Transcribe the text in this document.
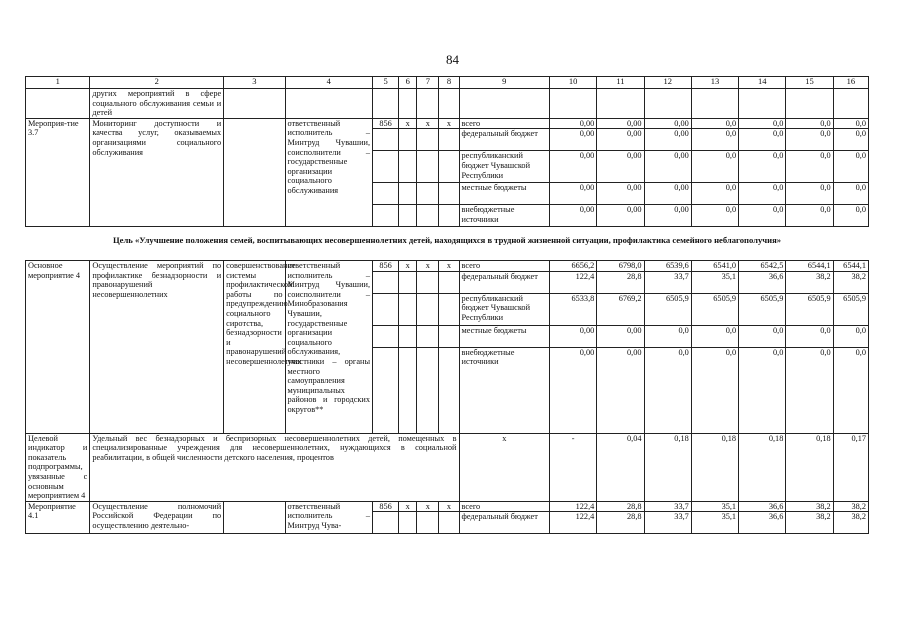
84
1	2	3	4	5	6	7	8	9	10	11	12	13	14	15	16
	других мероприятий в сфере социального обслуживания семьи и детей														
Мероприя-тие 3.7	Мониторинг доступности и качества услуг, оказываемых организациями социального обслуживания		ответственный исполнитель – Минтруд Чувашии, соисполнители – государственные организации социального обслуживания	856	x	x	x	всего	0,00	0,00	0,00	0,0	0,0	0,0	0,0
								федеральный бюджет	0,00	0,00	0,00	0,0	0,0	0,0	0,0
								республиканский бюджет Чувашской Республики	0,00	0,00	0,00	0,0	0,0	0,0	0,0
								местные бюджеты	0,00	0,00	0,00	0,0	0,0	0,0	0,0
								внебюджетные источники	0,00	0,00	0,00	0,0	0,0	0,0	0,0
Цель «Улучшение положения семей, воспитывающих несовершеннолетних детей, находящихся в трудной жизненной ситуации, профилактика семейного неблагополучия»															
Основное мероприятие 4	Осуществление мероприятий по профилактике безнадзорности и правонарушений несовершеннолетних	совершенствование системы профилактической работы по предупреждению социального сиротства, безнадзорности и правонарушений несовершеннолетних	ответственный исполнитель – Минтруд Чувашии, соисполнители – Минобразования Чувашии, государственные организации социального обслуживания, участники – органы местного самоуправления муниципальных районов и городских округов**	856	x	x	x	всего	6656,2	6798,0	6539,6	6541,0	6542,5	6544,1	6544,1
								федеральный бюджет	122,4	28,8	33,7	35,1	36,6	38,2	38,2
								республиканский бюджет Чувашской Республики	6533,8	6769,2	6505,9	6505,9	6505,9	6505,9	6505,9
								местные бюджеты	0,00	0,00	0,0	0,0	0,0	0,0	0,0
								внебюджетные источники	0,00	0,00	0,0	0,0	0,0	0,0	0,0
Целевой индикатор и показатель подпрограммы, увязанные с основным мероприятием 4	Удельный вес безнадзорных и беспризорных несовершеннолетних детей, помещенных в специализированные учреждения для несовершеннолетних, нуждающихся в социальной реабилитации, в общей численности детского населения, процентов							x	-	0,04	0,18	0,18	0,18	0,18	0,17
Мероприятие 4.1	Осуществление полномочий Российской Федерации по осуществлению деятельно-		ответственный исполнитель – Минтруд Чува-	856	x	x	x	всего	122,4	28,8	33,7	35,1	36,6	38,2	38,2
								федеральный бюджет	122,4	28,8	33,7	35,1	36,6	38,2	38,2
